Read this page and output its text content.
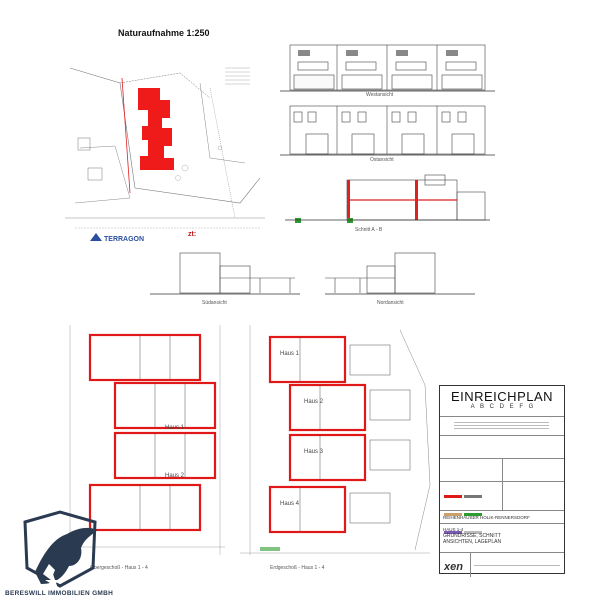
Naturaufnahme 1:250
TERRAGON
zt:
Westansicht
Ostansicht
Schnitt A - B
Südansicht	Nordansicht
Haus 1
Haus 2
Obergeschoß - Haus 1 - 4
Haus 1
Haus 2
Haus 3
Haus 4
Erdgeschoß - Haus 1 - 4
EINREICHPLAN
A B C D E F G

REIHENHÄUSER HOLIK-RENNERSDORF
HAUS 1-4
GRUNDRISSE, SCHNITT
ANSICHTEN, LAGEPLAN
xen
BERESWILL IMMOBILIEN GMBH
